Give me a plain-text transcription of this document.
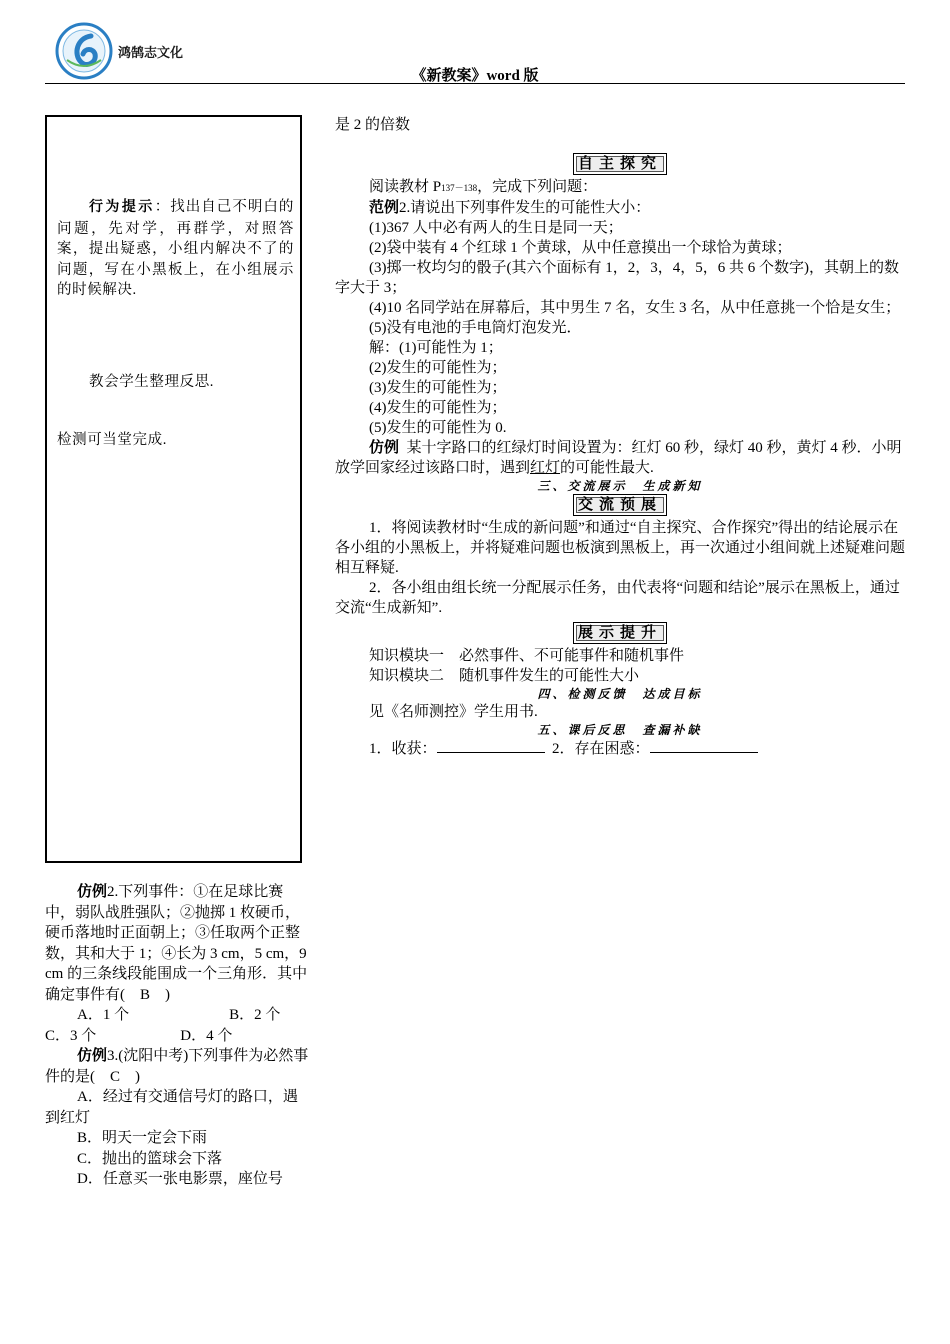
鸿鹄志文化
《新教案》word 版

行为提示：找出自己不明白的问题，先对学，再群学，对照答案，提出疑惑，小组内解决不了的问题，写在小黑板上，在小组展示的时候解决.

教会学生整理反思.

检测可当堂完成.

仿例2.下列事件：①在足球比赛中，弱队战胜强队；②抛掷 1 枚硬币，硬币落地时正面朝上；③任取两个正整数，其和大于 1；④长为 3 cm，5 cm，9 cm 的三条线段能围成一个三角形．其中确定事件有(　B　)

A．1 个	B．2 个

C．3 个	D．4 个

仿例3.(沈阳中考)下列事件为必然事件的是(　C　)

A．经过有交通信号灯的路口，遇到红灯

B．明天一定会下雨

C．抛出的篮球会下落

D．任意买一张电影票，座位号

是 2 的倍数

自主探究

阅读教材 P137－138，完成下列问题：

范例2.请说出下列事件发生的可能性大小：

(1)367 人中必有两人的生日是同一天；

(2)袋中装有 4 个红球 1 个黄球，从中任意摸出一个球恰为黄球；

(3)掷一枚均匀的骰子(其六个面标有 1，2，3，4，5，6 共 6 个数字)，其朝上的数字大于 3；

(4)10 名同学站在屏幕后，其中男生 7 名，女生 3 名，从中任意挑一个恰是女生；

(5)没有电池的手电筒灯泡发光．

解：(1)可能性为 1；

(2)发生的可能性为；

(3)发生的可能性为；

(4)发生的可能性为；

(5)发生的可能性为 0.

仿例 某十字路口的红绿灯时间设置为：红灯 60 秒，绿灯 40 秒，黄灯 4 秒．小明放学回家经过该路口时，遇到红灯的可能性最大.

三、交流展示　生成新知
交流预展

1．将阅读教材时“生成的新问题”和通过“自主探究、合作探究”得出的结论展示在各小组的小黑板上，并将疑难问题也板演到黑板上，再一次通过小组间就上述疑难问题相互释疑.

2．各小组由组长统一分配展示任务，由代表将“问题和结论”展示在黑板上，通过交流“生成新知”.

展示提升

知识模块一　必然事件、不可能事件和随机事件

知识模块二　随机事件发生的可能性大小

四、检测反馈　达成目标

见《名师测控》学生用书.

五、课后反思　查漏补缺

1．收获：	2．存在困惑：
